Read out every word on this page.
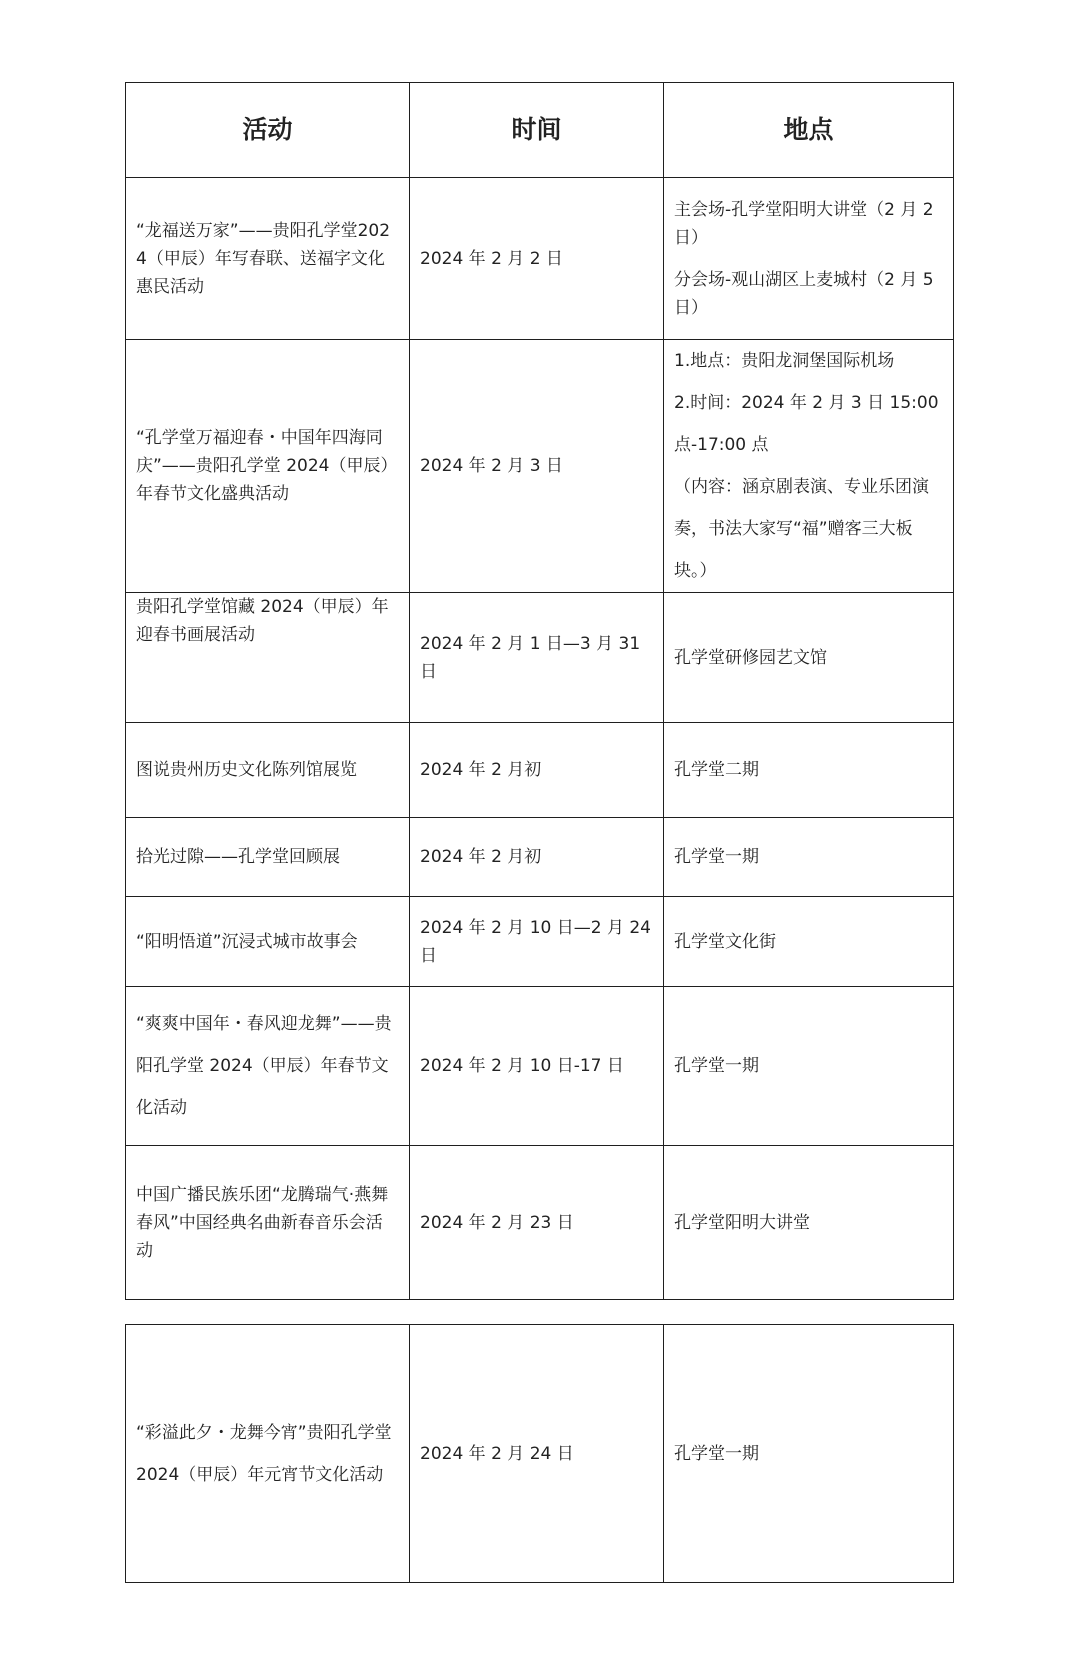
活动	时间	地点
“龙福送万家”——贵阳孔学堂2024（甲辰）年写春联、送福字文化惠民活动	2024 年 2 月 2 日	主会场-孔学堂阳明大讲堂（2 月 2 日）
分会场-观山湖区上麦城村（2 月 5 日）

“孔学堂万福迎春・中国年四海同庆”——贵阳孔学堂 2024（甲辰）年春节文化盛典活动	2024 年 2 月 3 日	1.地点：贵阳龙洞堡国际机场
2.时间：2024 年 2 月 3 日 15:00 点-17:00 点
（内容：涵京剧表演、专业乐团演奏，书法大家写“福”赠客三大板块。）

贵阳孔学堂馆藏 2024（甲辰）年迎春书画展活动	2024 年 2 月 1 日—3 月 31 日	孔学堂研修园艺文馆

图说贵州历史文化陈列馆展览	2024 年 2 月初	孔学堂二期

拾光过隙——孔学堂回顾展	2024 年 2 月初	孔学堂一期

“阳明悟道”沉浸式城市故事会	2024 年 2 月 10 日—2 月 24 日	孔学堂文化街

“爽爽中国年・春风迎龙舞”——贵阳孔学堂 2024（甲辰）年春节文化活动	2024 年 2 月 10 日-17 日	孔学堂一期

中国广播民族乐团“龙腾瑞气·燕舞春风”中国经典名曲新春音乐会活动	2024 年 2 月 23 日	孔学堂阳明大讲堂
“彩溢此夕・龙舞今宵”贵阳孔学堂 2024（甲辰）年元宵节文化活动	2024 年 2 月 24 日	孔学堂一期
